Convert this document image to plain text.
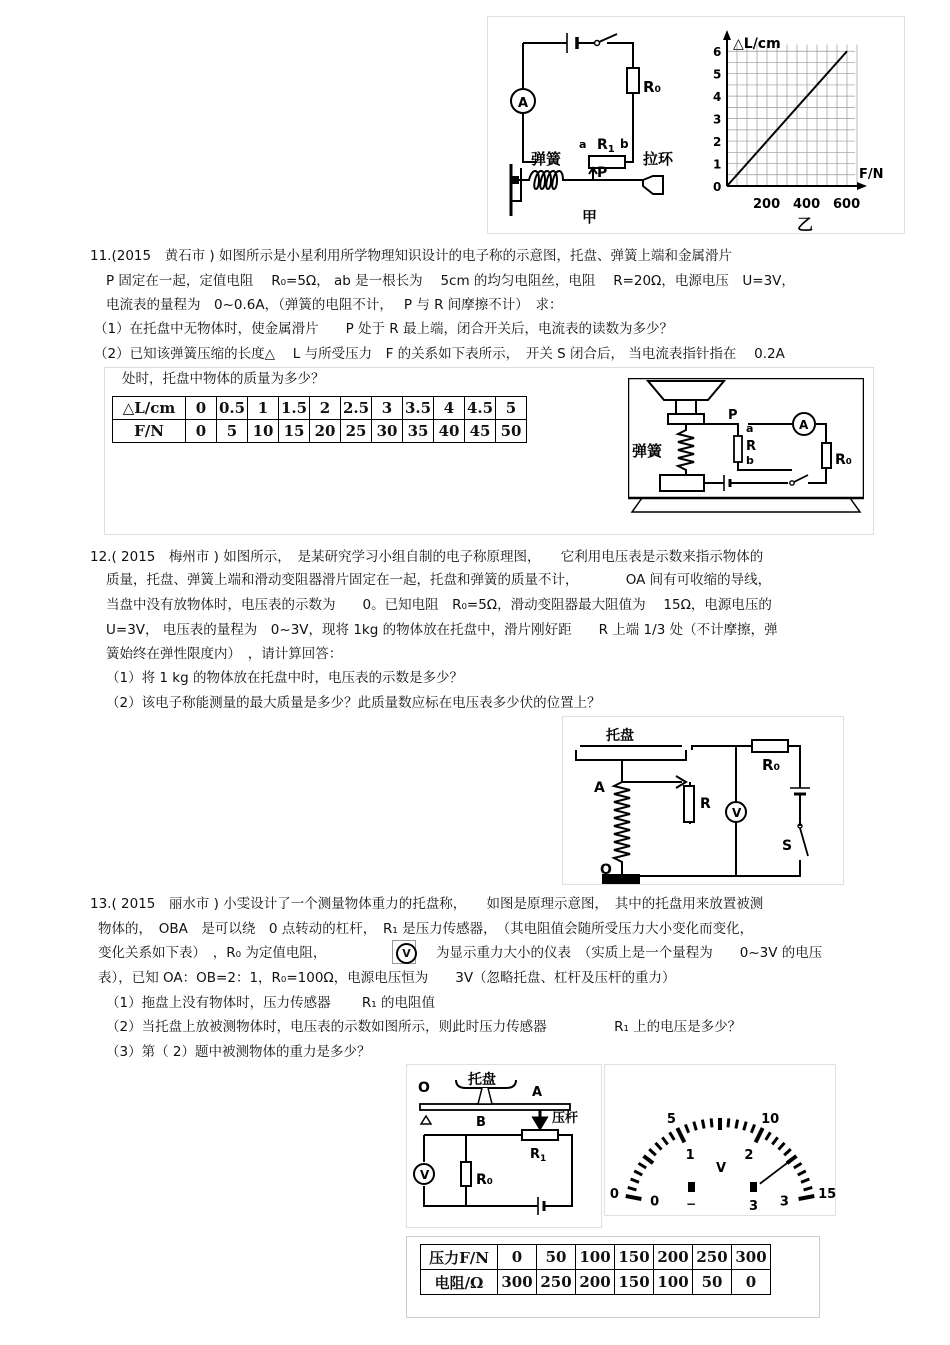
R₀
A
弹簧
$R_1$
a	b
P
拉环
甲
0
1
2
3
4
5
6
200 400 600
△L/cm
F/N
乙
11.(2015　黄石市 ) 如图所示是小星利用所学物理知识设计的电子称的示意图，托盘、弹簧上端和金属滑片
P 固定在一起，定值电阻　 R₀=5Ω， ab 是一根长为　 5cm 的均匀电阻丝，电阻　 R=20Ω，电源电压　U=3V，
电流表的量程为　0~0.6A，（弹簧的电阻不计，　 P 与 R 间摩擦不计）　求：
（1）在托盘中无物体时，使金属滑片　　P 处于 R 最上端，闭合开关后，电流表的读数为多少？
（2）已知该弹簧压缩的长度△　 L 与所受压力　F 的关系如下表所示，　开关 S 闭合后， 当电流表指针指在　 0.2A
处时，托盘中物体的质量为多少？
△L/cm	0	0.5	1	1.5	2	2.5	3	3.5	4	4.5	5
F/N	0	5	10	15	20	25	30	35	40	45	50
弹簧
P
a
R
b
A
R₀
12.( 2015　梅州市 ) 如图所示，　是某研究学习小组自制的电子称原理图，　　它利用电压表是示数来指示物体的
质量，托盘、弹簧上端和滑动变阻器滑片固定在一起，托盘和弹簧的质量不计，　　　　OA 间有可收缩的导线，
当盘中没有放物体时，电压表的示数为　　0。已知电阻　R₀=5Ω，滑动变阻器最大阻值为　 15Ω，电源电压的
U=3V， 电压表的量程为　0~3V，现将 1kg 的物体放在托盘中，滑片刚好距　　R 上端 1/3 处（不计摩擦，弹
簧始终在弹性限度内）　，请计算回答：
（1）将 1 kg 的物体放在托盘中时，电压表的示数是多少？
（2）该电子称能测量的最大质量是多少？此质量数应标在电压表多少伏的位置上？
托盘
A
O
R
V
R₀
S
13.( 2015　丽水市 ) 小雯设计了一个测量物体重力的托盘称，　　如图是原理示意图，　其中的托盘用来放置被测
物体的，　OBA　是可以绕　0 点转动的杠杆，　R₁ 是压力传感器，　（其电阻值会随所受压力大小变化而变化，
变化关系如下表）　，R₀ 为定值电阻，	为显示重力大小的仪表　（实质上是一个量程为　　0~3V 的电压
表），已知 OA：OB=2：1，R₀=100Ω，电源电压恒为　　3V（忽略托盘、杠杆及压杆的重力）
（1）拖盘上没有物体时，压力传感器　　 R₁ 的电阻值
（2）当托盘上放被测物体时，电压表的示数如图所示，则此时压力传感器　　　　　R₁ 上的电压是多少？
（3）第（ 2）题中被测物体的重力是多少？
V
O	托盘
A
B	压杆
$R_1$
V	R₀
0
5	10
15
0
1	2
3
V
−	3
压力F/N	0	50	100	150	200	250	300
电阻/Ω	300	250	200	150	100	50	0
